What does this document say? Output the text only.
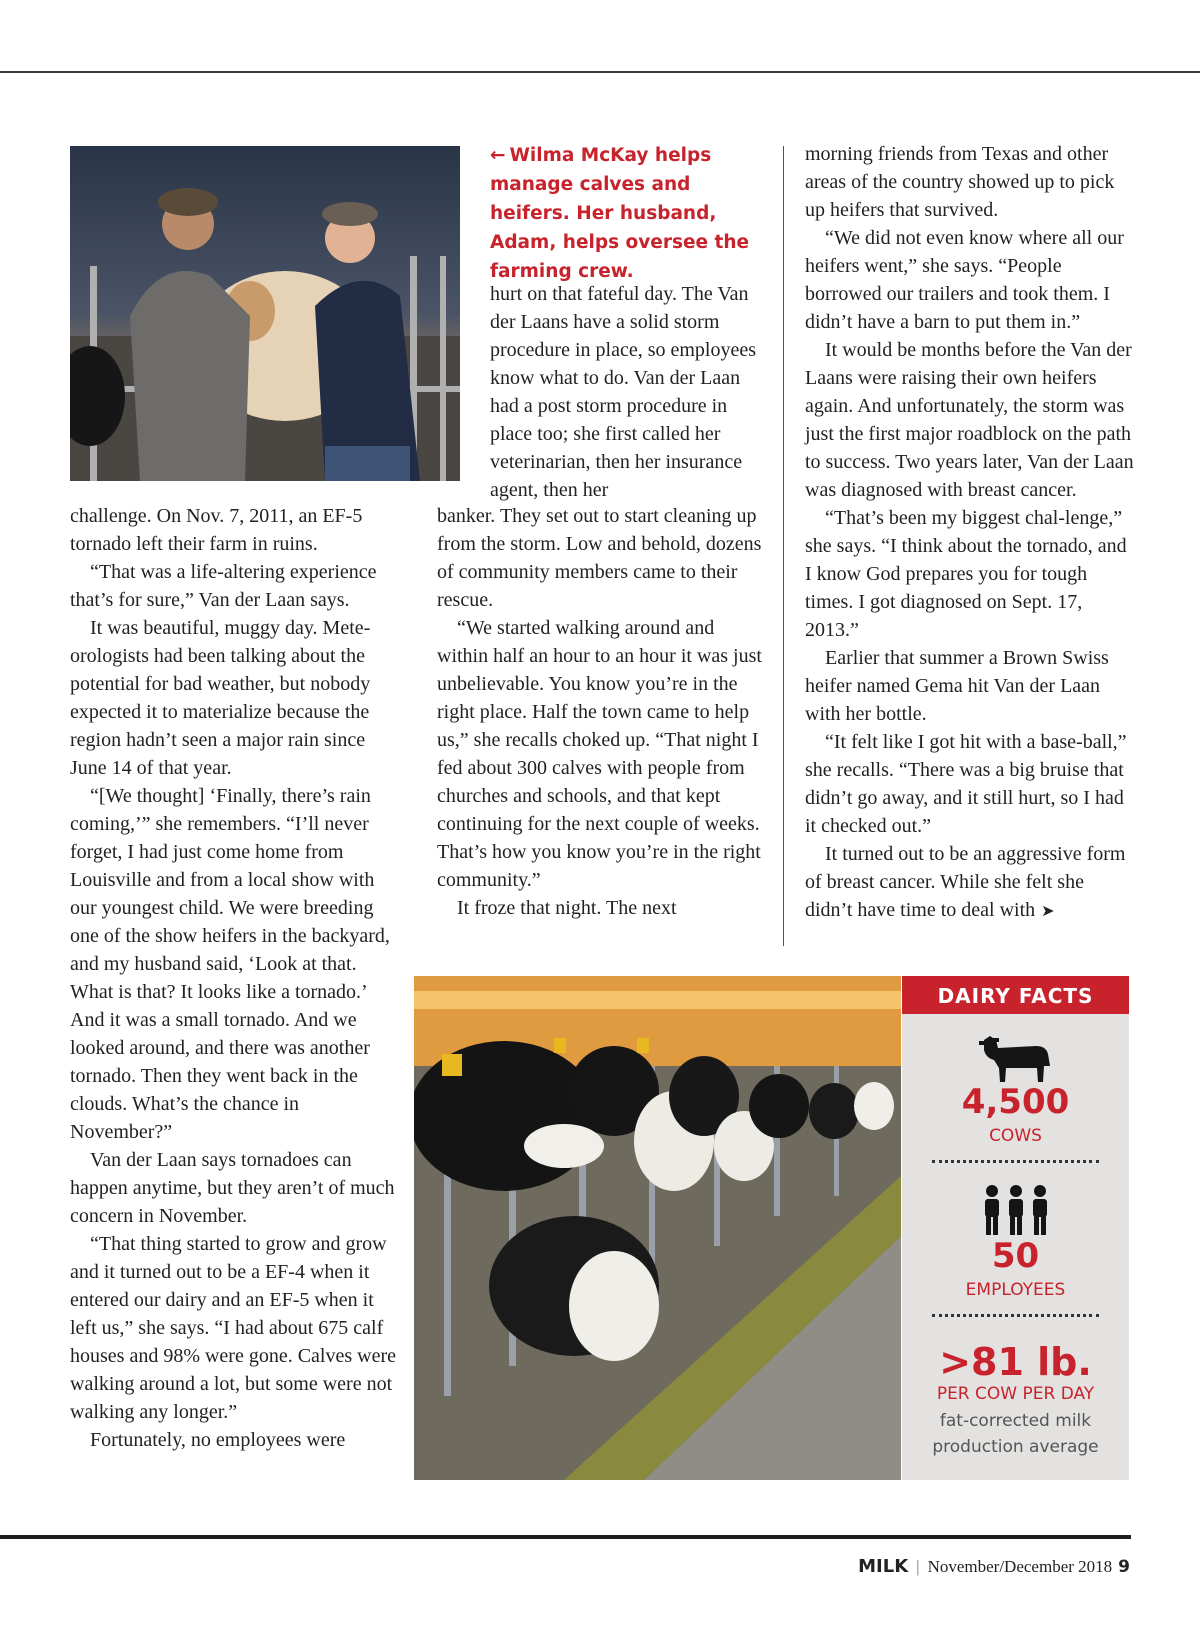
← Wilma McKay helps manage calves and heifers. Her husband, Adam, helps oversee the farming crew.

challenge. On Nov. 7, 2011, an EF-5 tornado left their farm in ruins.

“That was a life-altering experience that’s for sure,” Van der Laan says.

It was beautiful, muggy day. Mete-orologists had been talking about the potential for bad weather, but nobody expected it to materialize because the region hadn’t seen a major rain since June 14 of that year.

“[We thought] ‘Finally, there’s rain coming,’” she remembers. “I’ll never forget, I had just come home from Louisville and from a local show with our youngest child. We were breeding one of the show heifers in the backyard, and my husband said, ‘Look at that. What is that? It looks like a tornado.’ And it was a small tornado. And we looked around, and there was another tornado. Then they went back in the clouds. What’s the chance in November?”

Van der Laan says tornadoes can happen anytime, but they aren’t of much concern in November.

“That thing started to grow and grow and it turned out to be a EF-4 when it entered our dairy and an EF-5 when it left us,” she says. “I had about 675 calf houses and 98% were gone. Calves were walking around a lot, but some were not walking any longer.”

Fortunately, no employees were

hurt on that fateful day. The Van der Laans have a solid storm procedure in place, so employees know what to do. Van der Laan had a post storm procedure in place too; she first called her veterinarian, then her insurance agent, then her

banker. They set out to start cleaning up from the storm. Low and behold, dozens of community members came to their rescue.

“We started walking around and within half an hour to an hour it was just unbelievable. You know you’re in the right place. Half the town came to help us,” she recalls choked up. “That night I fed about 300 calves with people from churches and schools, and that kept continuing for the next couple of weeks. That’s how you know you’re in the right community.”

It froze that night. The next

morning friends from Texas and other areas of the country showed up to pick up heifers that survived.

“We did not even know where all our heifers went,” she says. “People borrowed our trailers and took them. I didn’t have a barn to put them in.”

It would be months before the Van der Laans were raising their own heifers again. And unfortunately, the storm was just the first major roadblock on the path to success. Two years later, Van der Laan was diagnosed with breast cancer.

“That’s been my biggest chal-lenge,” she says. “I think about the tornado, and I know God prepares you for tough times. I got diagnosed on Sept. 17, 2013.”

Earlier that summer a Brown Swiss heifer named Gema hit Van der Laan with her bottle.

“It felt like I got hit with a base-ball,” she recalls. “There was a big bruise that didn’t go away, and it still hurt, so I had it checked out.”

It turned out to be an aggressive form of breast cancer. While she felt she didn’t have time to deal with ➤

DAIRY FACTS
4,500
COWS
50
EMPLOYEES
>81 lb.
PER COW PER DAY
fat-corrected milk
production average
MILK | November/December 2018 9
